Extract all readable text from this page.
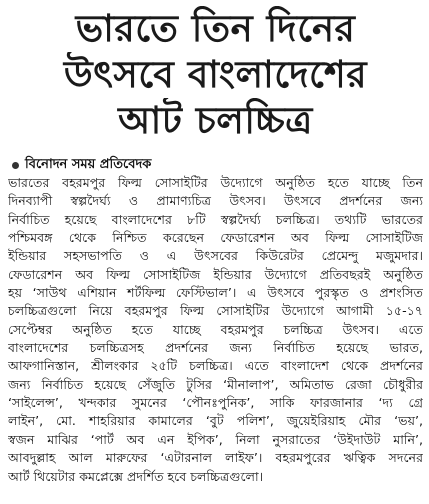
ভারতে তিন দিনের
উৎসবে বাংলাদেশের
আট চলচ্চিত্র
বিনোদন সময় প্রতিবেদক
ভারতের বহরমপুর ফিল্ম সোসাইটির উদ্যোগে অনুষ্ঠিত হতে যাচ্ছে তিন
দিনব্যাপী স্বল্পদৈর্ঘ্য ও প্রামাণ্যচিত্র উৎসব। উৎসবে প্রদর্শনের জন্য
নির্বাচিত হয়েছে বাংলাদেশের ৮টি স্বল্পদৈর্ঘ্য চলচ্চিত্র। তথ্যটি ভারতের
পশ্চিমবঙ্গ থেকে নিশ্চিত করেছেন ফেডারেশন অব ফিল্ম সোসাইটিজ
ইন্ডিয়ার সহসভাপতি ও এ উৎসবের কিউরেটর প্রেমেন্দু মজুমদার।
ফেডারেশন অব ফিল্ম সোসাইটিজ ইন্ডিয়ার উদ্যোগে প্রতিবছরই অনুষ্ঠিত
হয় ‘সাউথ এশিয়ান শর্টফিল্ম ফেস্টিভাল’। এ উৎসবে পুরস্কৃত ও প্রশংসিত
চলচ্চিত্রগুলো নিয়ে বহরমপুর ফিল্ম সোসাইটির উদ্যোগে আগামী ১৫-১৭
সেপ্টেম্বর অনুষ্ঠিত হতে যাচ্ছে বহরমপুর চলচ্চিত্র উৎসব। এতে
বাংলাদেশের চলচ্চিত্রসহ প্রদর্শনের জন্য নির্বাচিত হয়েছে ভারত,
আফগানিস্তান, শ্রীলংকার ২৫টি চলচ্চিত্র। এতে বাংলাদেশ থেকে প্রদর্শনের
জন্য নির্বাচিত হয়েছে সেঁজুতি টুসির ‘মীনালাপ’, অমিতাভ রেজা চৌধুরীর
‘সাইলেন্স’, খন্দকার সুমনের ‘পৌনঃপুনিক’, সাকি ফারজানার ‘দ্য গ্রে
লাইন’, মো. শাহরিয়ার কামালের ‘বুট পলিশ’, জুয়েইরিয়াহ মৌর ‘ভয়’,
স্বজন মাঝির ‘পার্ট অব এন ইপিক’, নিলা নুসরাতের ‘উইদাউট মানি’,
আবদুল্লাহ আল মারুফের ‘এটারনাল লাইফ’। বহরমপুরের ঋত্বিক সদনের
আর্ট থিয়েটার কমপ্লেক্সে প্রদর্শিত হবে চলচ্চিত্রগুলো।
